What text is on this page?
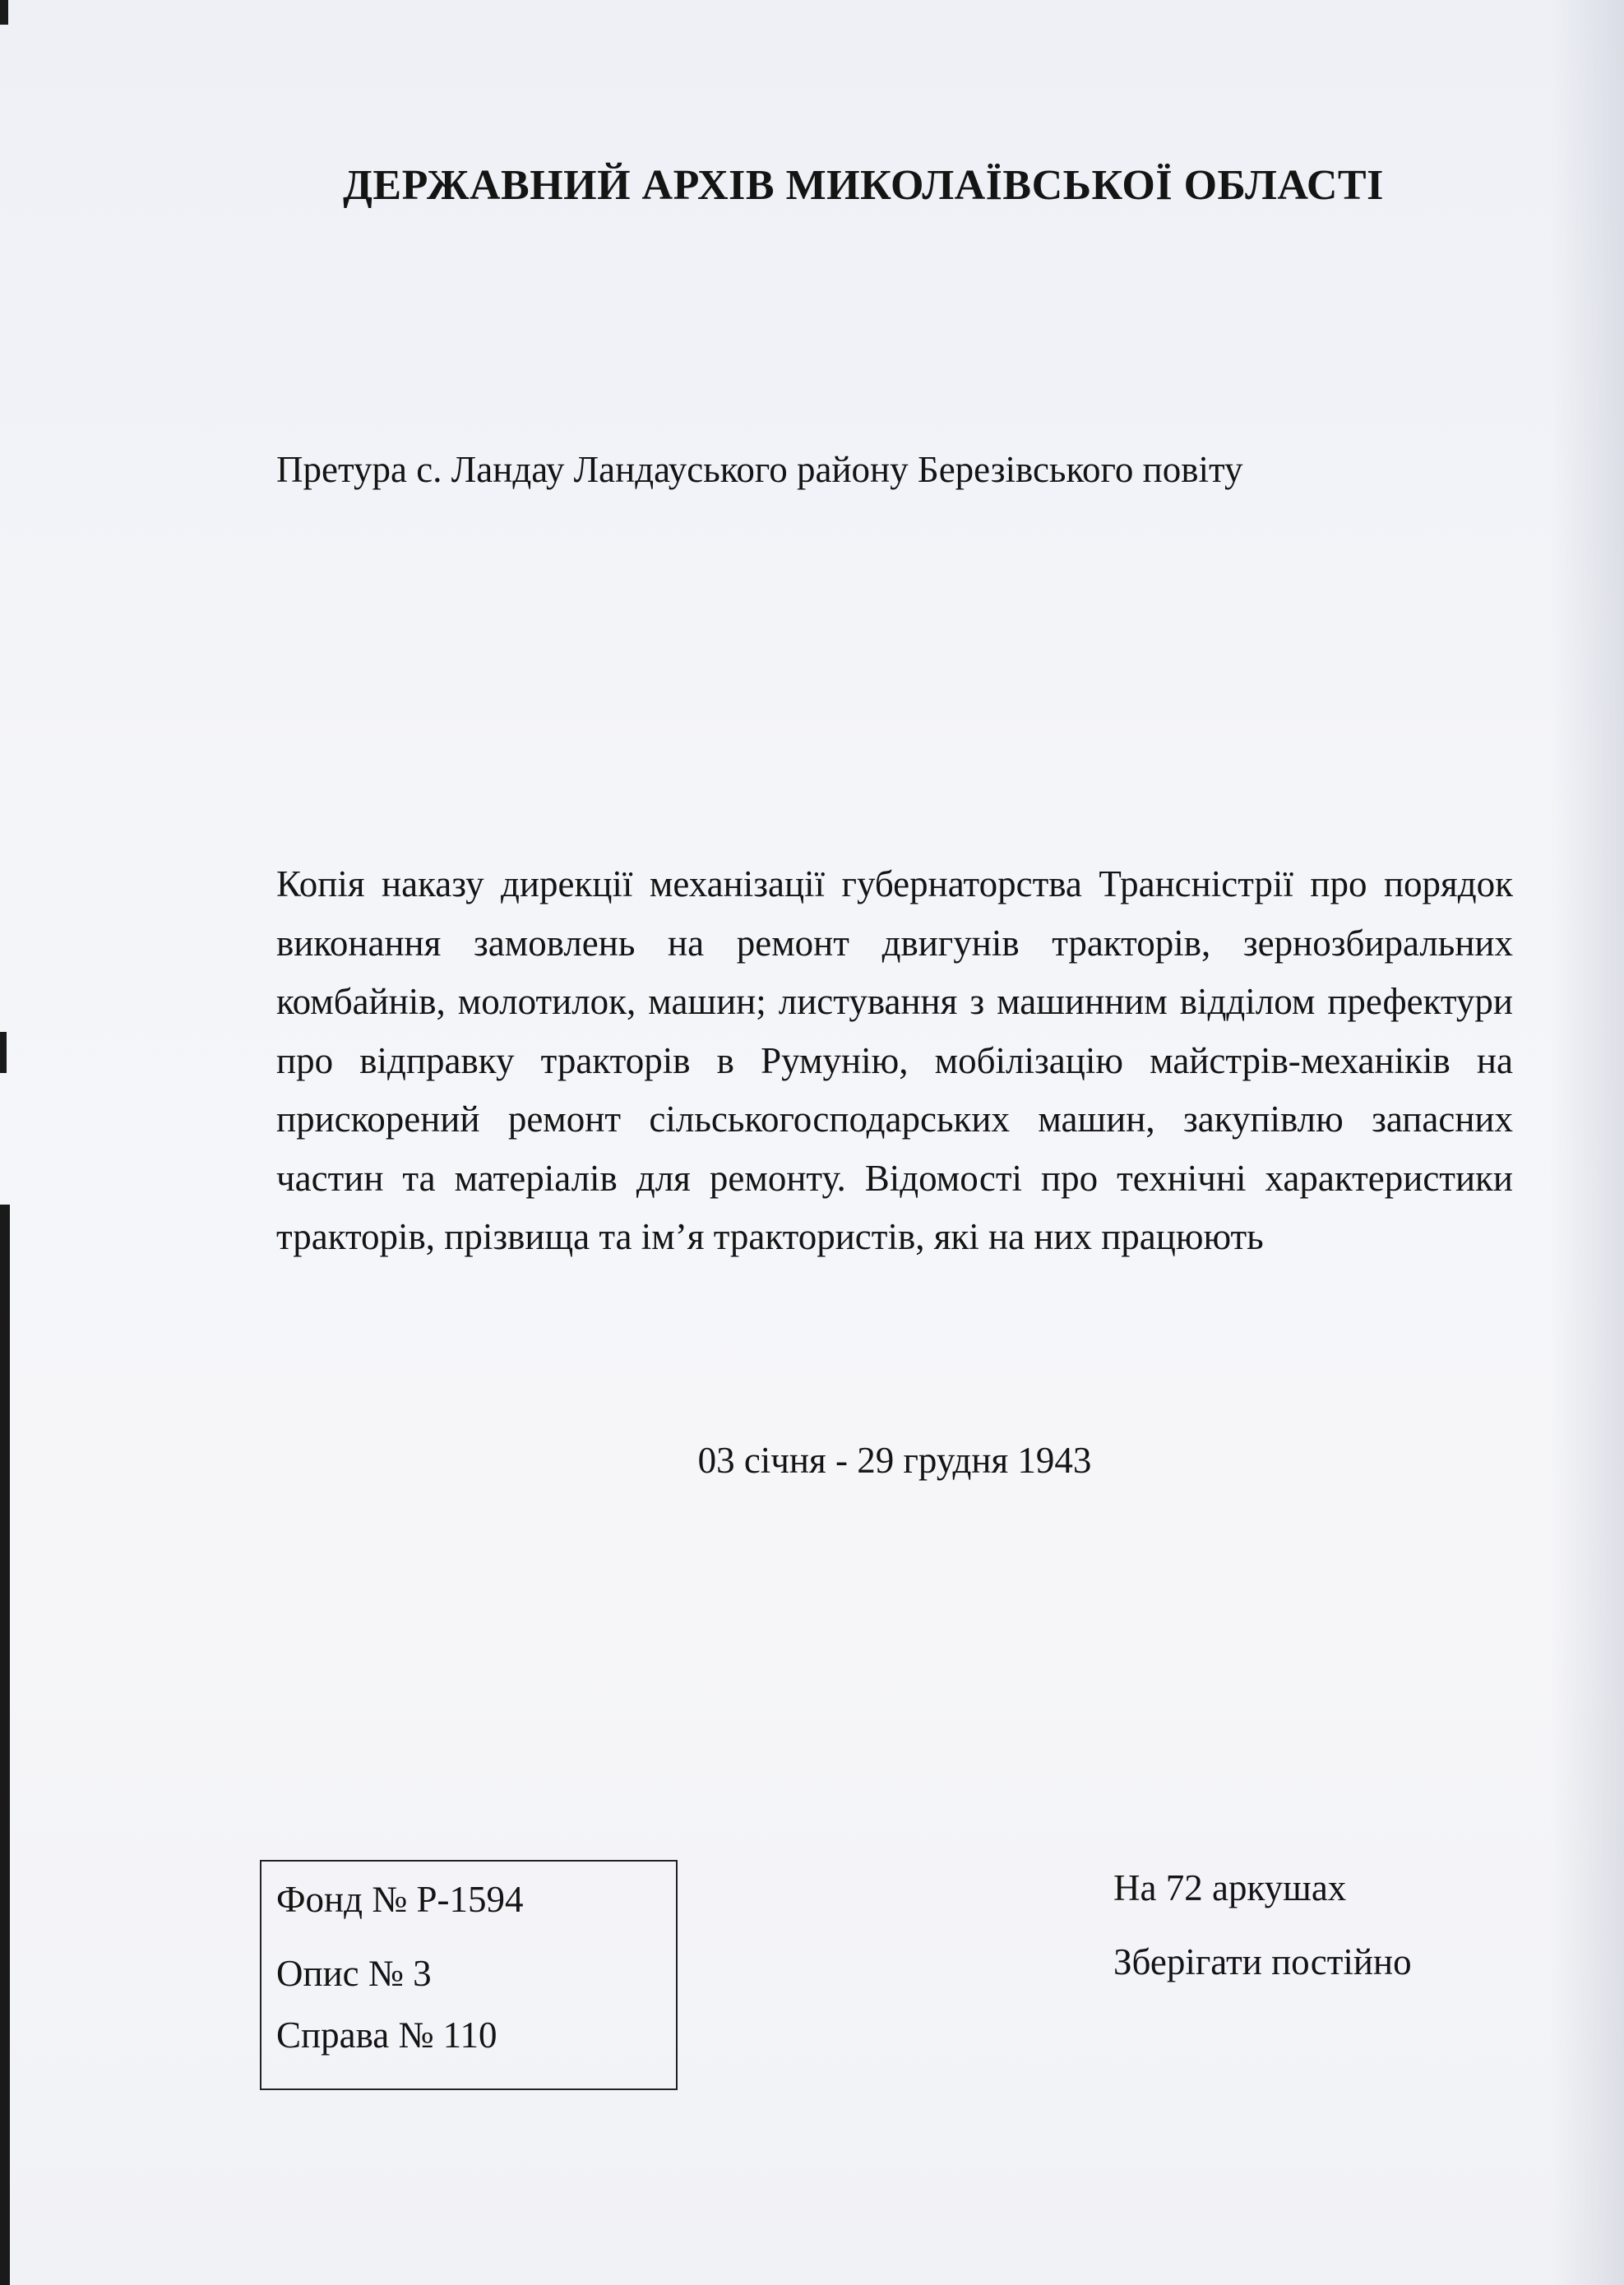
ДЕРЖАВНИЙ АРХІВ МИКОЛАЇВСЬКОЇ ОБЛАСТІ
Претура с. Ландау Ландауського району Березівського повіту
Копія наказу дирекції механізації губернаторства Трансністрії про порядок виконання замовлень на ремонт двигунів тракторів, зернозбиральних комбайнів, молотилок, машин; листування з машинним відділом префектури про відправку тракторів в Румунію, мобілізацію майстрів-механіків на прискорений ремонт сільськогосподарських машин, закупівлю запасних частин та матеріалів для ремонту. Відомості про технічні характеристики тракторів, прізвища та ім’я трактористів, які на них працюють
03 січня - 29 грудня 1943
Фонд № Р-1594
Опис № 3
Справа № 110
На 72 аркушах
Зберігати постійно
